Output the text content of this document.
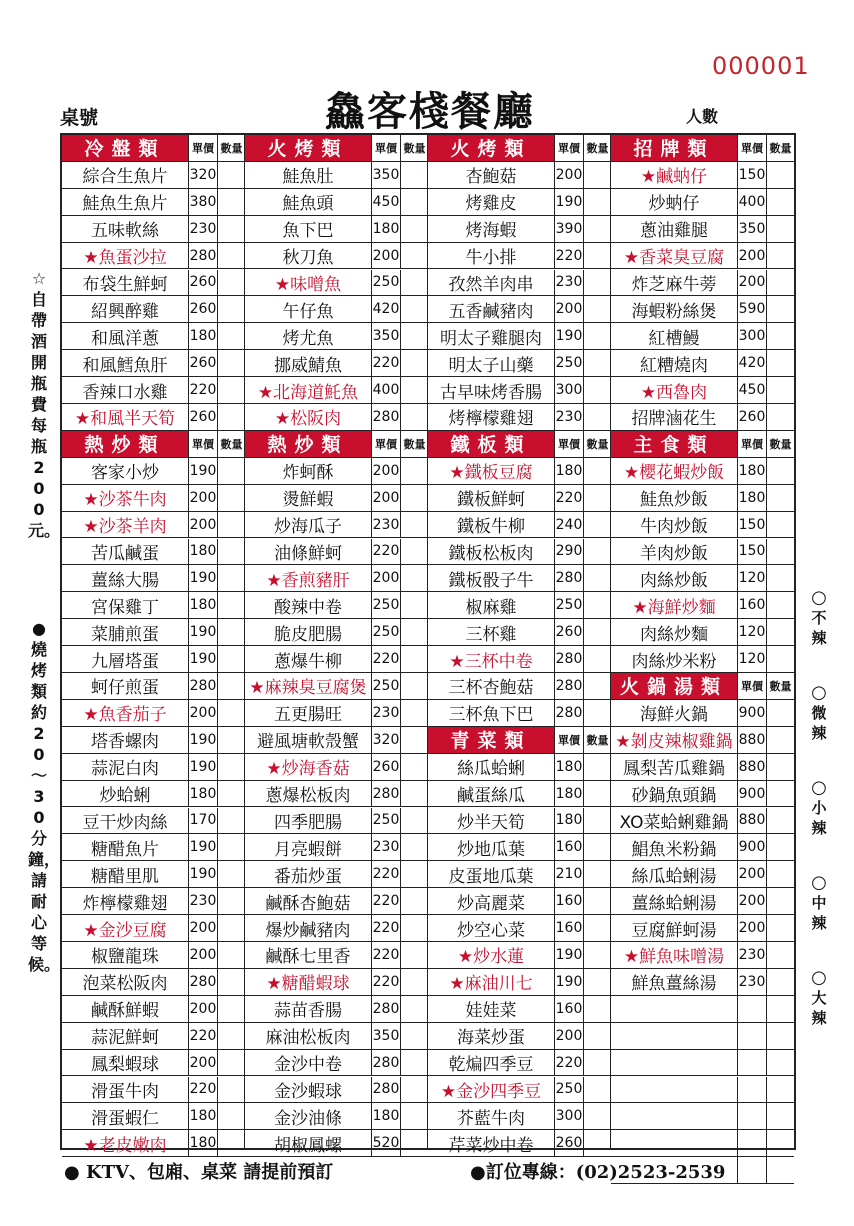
000001
桌號	鱻客棧餐廳	人數
☆自帶酒開瓶費每瓶200元。
●燒烤類約20～30分鐘，請耐心等候。
冷盤類	單價 數量
綜合生魚片	320
鮭魚生魚片	380
五味軟絲	230
★魚蛋沙拉	280
布袋生鮮蚵	260
紹興醉雞	260
和風洋蔥	180
和風鱈魚肝	260
香辣口水雞	220
★和風半天筍	260
熱炒類	單價 數量
客家小炒	190
★沙茶牛肉	200
★沙茶羊肉	200
苦瓜鹹蛋	180
薑絲大腸	190
宮保雞丁	180
菜脯煎蛋	190
九層塔蛋	190
蚵仔煎蛋	280
★魚香茄子	200
塔香螺肉	190
蒜泥白肉	190
炒蛤蜊	180
豆干炒肉絲	170
糖醋魚片	190
糖醋里肌	190
炸檸檬雞翅	230
★金沙豆腐	200
椒鹽龍珠	200
泡菜松阪肉	280
鹹酥鮮蝦	200
蒜泥鮮蚵	220
鳳梨蝦球	200
滑蛋牛肉	220
滑蛋蝦仁	180
★老皮嫩肉	180
火烤類	單價 數量
鮭魚肚	350
鮭魚頭	450
魚下巴	180
秋刀魚	200
★味噌魚	250
午仔魚	420
烤尤魚	350
挪威鯖魚	220
★北海道魠魚	400
★松阪肉	280
熱炒類	單價 數量
炸蚵酥	200
燙鮮蝦	200
炒海瓜子	230
油條鮮蚵	220
★香煎豬肝	200
酸辣中卷	250
脆皮肥腸	250
蔥爆牛柳	220
★麻辣臭豆腐煲 250
五更腸旺	230
避風塘軟殼蟹 320
★炒海香菇	260
蔥爆松板肉	280
四季肥腸	250
月亮蝦餅	230
番茄炒蛋	220
鹹酥杏鮑菇	220
爆炒鹹豬肉	220
鹹酥七里香	220
★糖醋蝦球	220
蒜苗香腸	280
麻油松板肉	350
金沙中卷	280
金沙蝦球	280
金沙油條	180
胡椒鳳螺	520
火烤類	單價 數量
杏鮑菇	200
烤雞皮	190
烤海蝦	390
牛小排	220
孜然羊肉串	230
五香鹹豬肉	200
明太子雞腿肉 190
明太子山藥	250
古早味烤香腸 300
烤檸檬雞翅	230
鐵板類	單價 數量
★鐵板豆腐	180
鐵板鮮蚵	220
鐵板牛柳	240
鐵板松板肉	290
鐵板骰子牛	280
椒麻雞	250
三杯雞	260
★三杯中卷	280
三杯杏鮑菇	280
三杯魚下巴	280
青菜類	單價 數量
絲瓜蛤蜊	180
鹹蛋絲瓜	180
炒半天筍	180
炒地瓜葉	160
皮蛋地瓜葉	210
炒高麗菜	160
炒空心菜	160
★炒水蓮	190
★麻油川七	190
娃娃菜	160
海菜炒蛋	200
乾煸四季豆	220
★金沙四季豆	250
芥藍牛肉	300
芹菜炒中卷	260
招牌類	單價 數量
★鹹蚋仔	150
炒蚋仔	400
蔥油雞腿	350
★香菜臭豆腐	200
炸芝麻牛蒡	200
海蝦粉絲煲	590
紅槽鰻	300
紅糟燒肉	420
★西魯肉	450
招牌滷花生	260
主食類	單價 數量
★櫻花蝦炒飯	180
鮭魚炒飯	180
牛肉炒飯	150
羊肉炒飯	150
肉絲炒飯	120
★海鮮炒麵	160
肉絲炒麵	120
肉絲炒米粉	120
火鍋湯類	單價 數量
海鮮火鍋	900
★剝皮辣椒雞鍋 880
鳳梨苦瓜雞鍋 880
砂鍋魚頭鍋	900
XO菜蛤蜊雞鍋 880
鯧魚米粉鍋	900
絲瓜蛤蜊湯	200
薑絲蛤蜊湯	200
豆腐鮮蚵湯	200
★鮮魚味噌湯	230
鮮魚薑絲湯	230
○
不辣
○
微辣
○
小辣
○
中辣
○
大辣
● KTV、包廂、桌菜 請提前預訂	●訂位專線：(02)2523-2539
